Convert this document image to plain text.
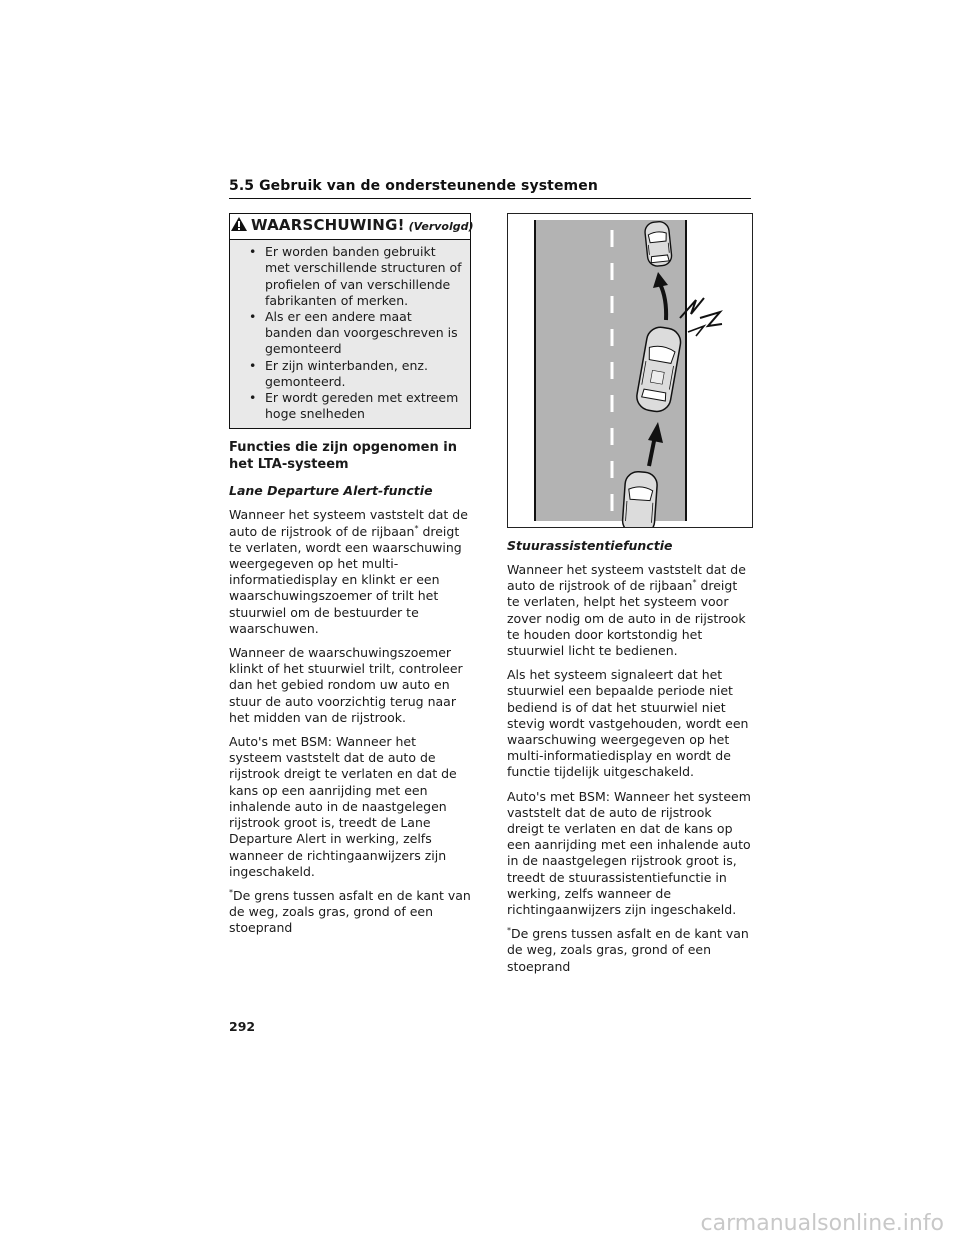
5.5 Gebruik van de ondersteunende systemen
WAARSCHUWING! (Vervolgd)
• Er worden banden gebruikt met verschillende structuren of profielen of van verschillende fabrikanten of merken.
• Als er een andere maat banden dan voorgeschreven is gemonteerd
• Er zijn winterbanden, enz. gemonteerd.
• Er wordt gereden met extreem hoge snelheden
Functies die zijn opgenomen in het LTA-systeem
Lane Departure Alert-functie

Wanneer het systeem vaststelt dat de auto de rijstrook of de rijbaan* dreigt te verlaten, wordt een waarschuwing weergegeven op het multi-informatiedisplay en klinkt er een waarschuwingszoemer of trilt het stuurwiel om de bestuurder te waarschuwen.

Wanneer de waarschuwingszoemer klinkt of het stuurwiel trilt, controleer dan het gebied rondom uw auto en stuur de auto voorzichtig terug naar het midden van de rijstrook.

Auto's met BSM: Wanneer het systeem vaststelt dat de auto de rijstrook dreigt te verlaten en dat de kans op een aanrijding met een inhalende auto in de naastgelegen rijstrook groot is, treedt de Lane Departure Alert in werking, zelfs wanneer de richtingaanwijzers zijn ingeschakeld.

*De grens tussen asfalt en de kant van de weg, zoals gras, grond of een stoeprand

Stuurassistentiefunctie

Wanneer het systeem vaststelt dat de auto de rijstrook of de rijbaan* dreigt te verlaten, helpt het systeem voor zover nodig om de auto in de rijstrook te houden door kortstondig het stuurwiel licht te bedienen.

Als het systeem signaleert dat het stuurwiel een bepaalde periode niet bediend is of dat het stuurwiel niet stevig wordt vastgehouden, wordt een waarschuwing weergegeven op het multi-informatiedisplay en wordt de functie tijdelijk uitgeschakeld.

Auto's met BSM: Wanneer het systeem vaststelt dat de auto de rijstrook dreigt te verlaten en dat de kans op een aanrijding met een inhalende auto in de naastgelegen rijstrook groot is, treedt de stuurassistentiefunctie in werking, zelfs wanneer de richtingaanwijzers zijn ingeschakeld.

*De grens tussen asfalt en de kant van de weg, zoals gras, grond of een stoeprand

292
carmanualsonline.info
